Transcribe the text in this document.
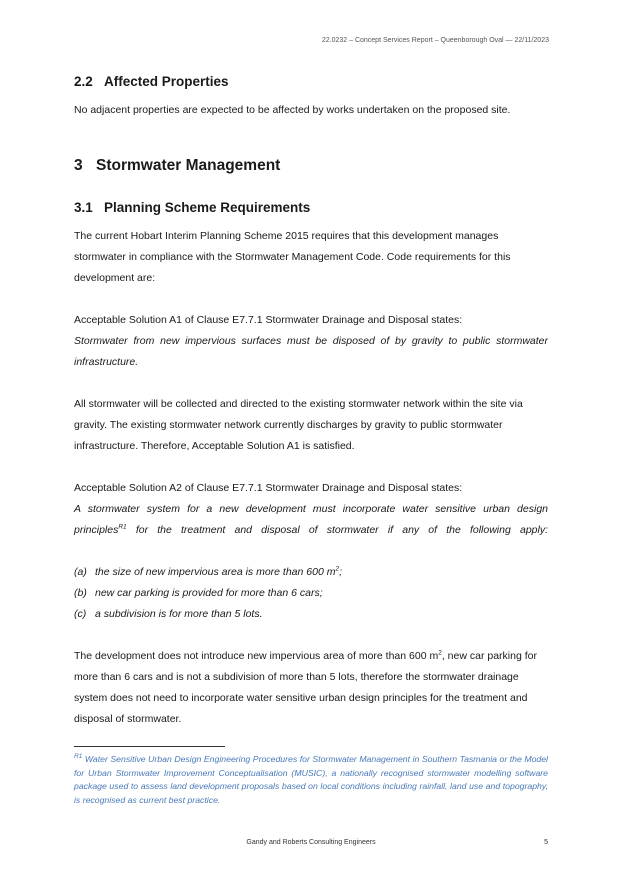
22.0232 – Concept Services Report – Queenborough Oval — 22/11/2023
2.2 Affected Properties

No adjacent properties are expected to be affected by works undertaken on the proposed site.

3 Stormwater Management
3.1 Planning Scheme Requirements

The current Hobart Interim Planning Scheme 2015 requires that this development manages stormwater in compliance with the Stormwater Management Code. Code requirements for this development are:

Acceptable Solution A1 of Clause E7.7.1 Stormwater Drainage and Disposal states:

Stormwater from new impervious surfaces must be disposed of by gravity to public stormwater infrastructure.

All stormwater will be collected and directed to the existing stormwater network within the site via gravity. The existing stormwater network currently discharges by gravity to public stormwater infrastructure. Therefore, Acceptable Solution A1 is satisfied.

Acceptable Solution A2 of Clause E7.7.1 Stormwater Drainage and Disposal states:

A stormwater system for a new development must incorporate water sensitive urban design

principles$^{R1}$ for the treatment and disposal of stormwater if any of the following apply:

(a) the size of new impervious area is more than 600 $m^2$;
(b) new car parking is provided for more than 6 cars;
(c) a subdivision is for more than 5 lots.

The development does not introduce new impervious area of more than 600 $m^2$, new car parking for more than 6 cars and is not a subdivision of more than 5 lots, therefore the stormwater drainage system does not need to incorporate water sensitive urban design principles for the treatment and disposal of stormwater.

$^{R1}$ Water Sensitive Urban Design Engineering Procedures for Stormwater Management in Southern Tasmania or the Model for Urban Stormwater Improvement Conceptualisation (MUSIC), a nationally recognised stormwater modelling software package used to assess land development proposals based on local conditions including rainfall, land use and topography, is recognised as current best practice.
Gandy and Roberts Consulting Engineers	5
